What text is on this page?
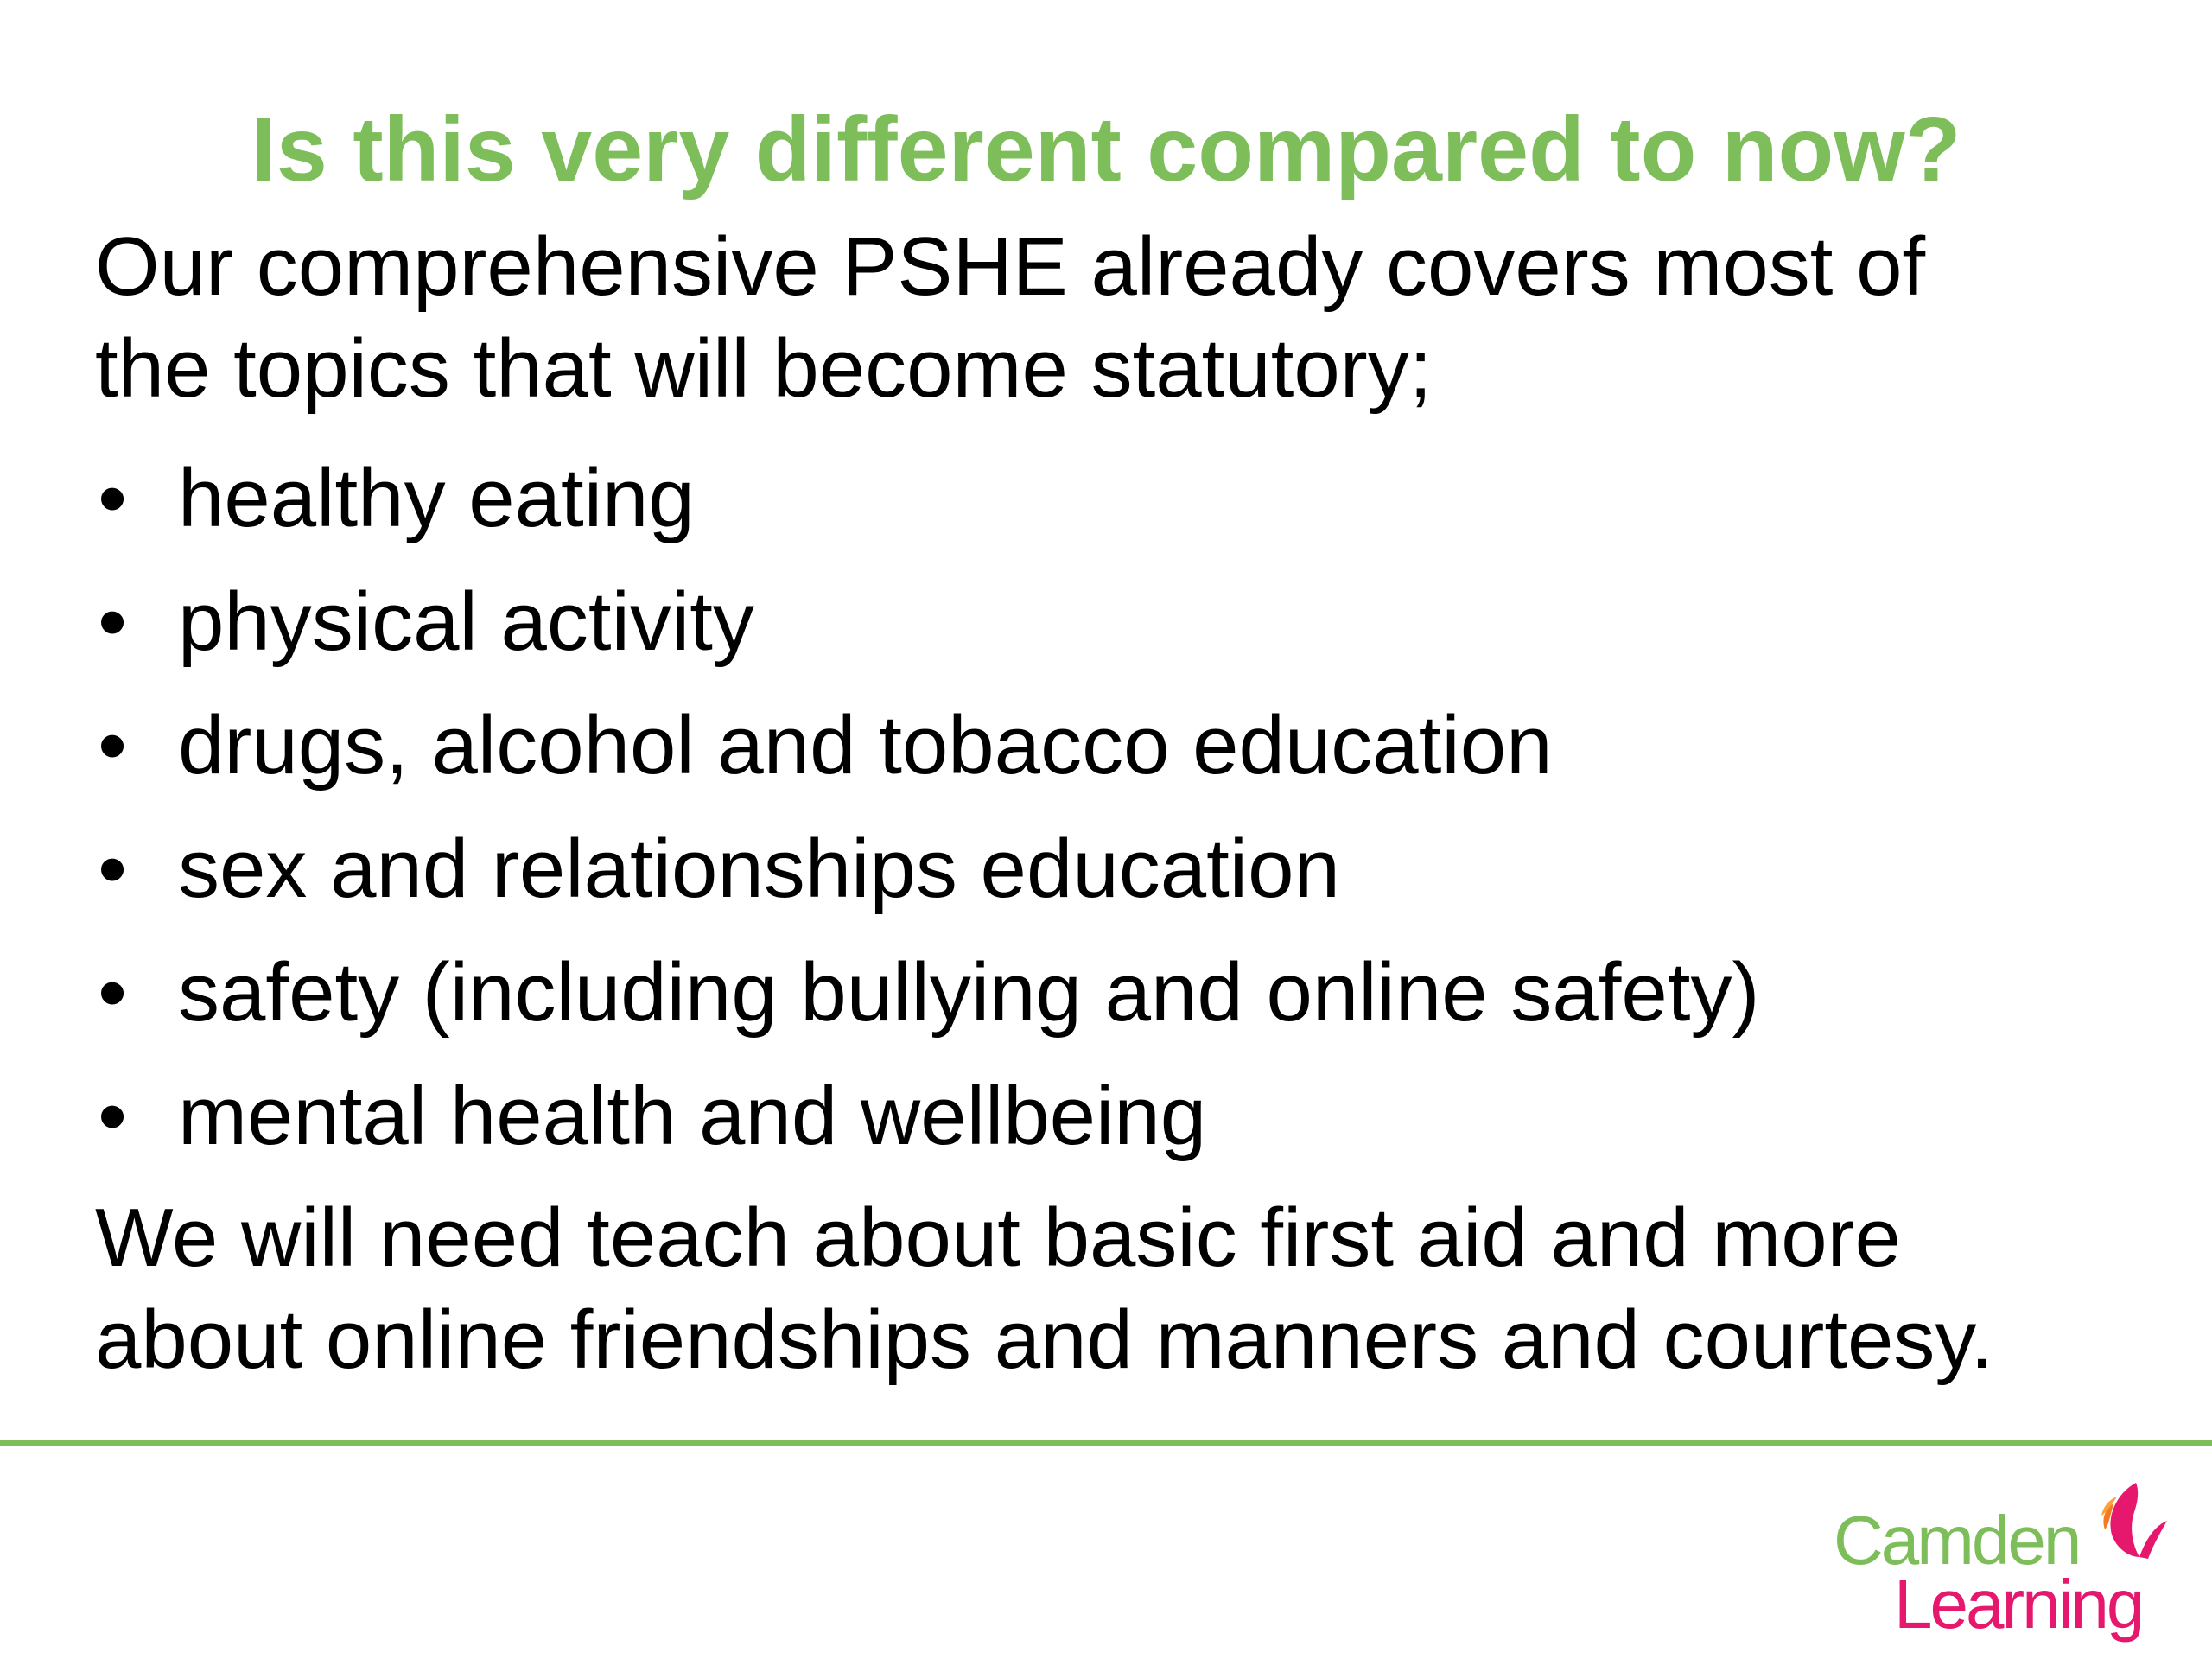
Is this very different compared to now?
Our comprehensive PSHE already covers most of
the topics that will become statutory;
• healthy eating
• physical activity
• drugs, alcohol and tobacco education
• sex and relationships education
• safety (including bullying and online safety)
• mental health and wellbeing
We will need teach about basic first aid and more
about online friendships and manners and courtesy.
Camden
Learning
